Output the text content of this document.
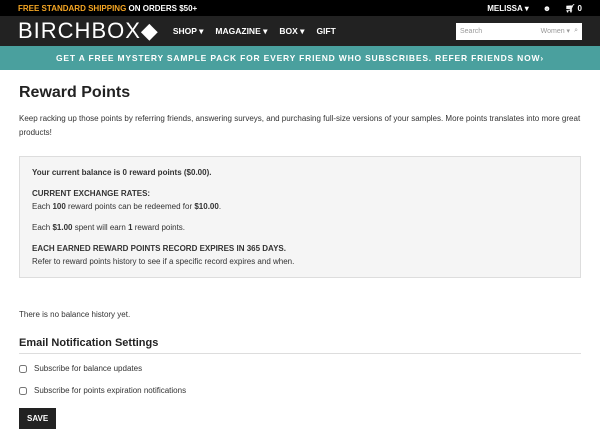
FREE STANDARD SHIPPING ON ORDERS $50+	MELISSA ▾ ☻ 🛒︎ 0
BIRCHBOX◆ SHOP ▾ MAGAZINE ▾ BOX ▾ GIFT	Search	Women ▾ ⌕
GET A FREE MYSTERY SAMPLE PACK FOR EVERY FRIEND WHO SUBSCRIBES. REFER FRIENDS NOW›
Reward Points

Keep racking up those points by referring friends, answering surveys, and purchasing full-size versions of your samples. More points translates into more great products!

Your current balance is 0 reward points ($0.00).

CURRENT EXCHANGE RATES:
Each 100 reward points can be redeemed for $10.00.

Each $1.00 spent will earn 1 reward points.

EACH EARNED REWARD POINTS RECORD EXPIRES IN 365 DAYS.
Refer to reward points history to see if a specific record expires and when.

There is no balance history yet.

Email Notification Settings
Subscribe for balance updates
Subscribe for points expiration notifications
SAVE
